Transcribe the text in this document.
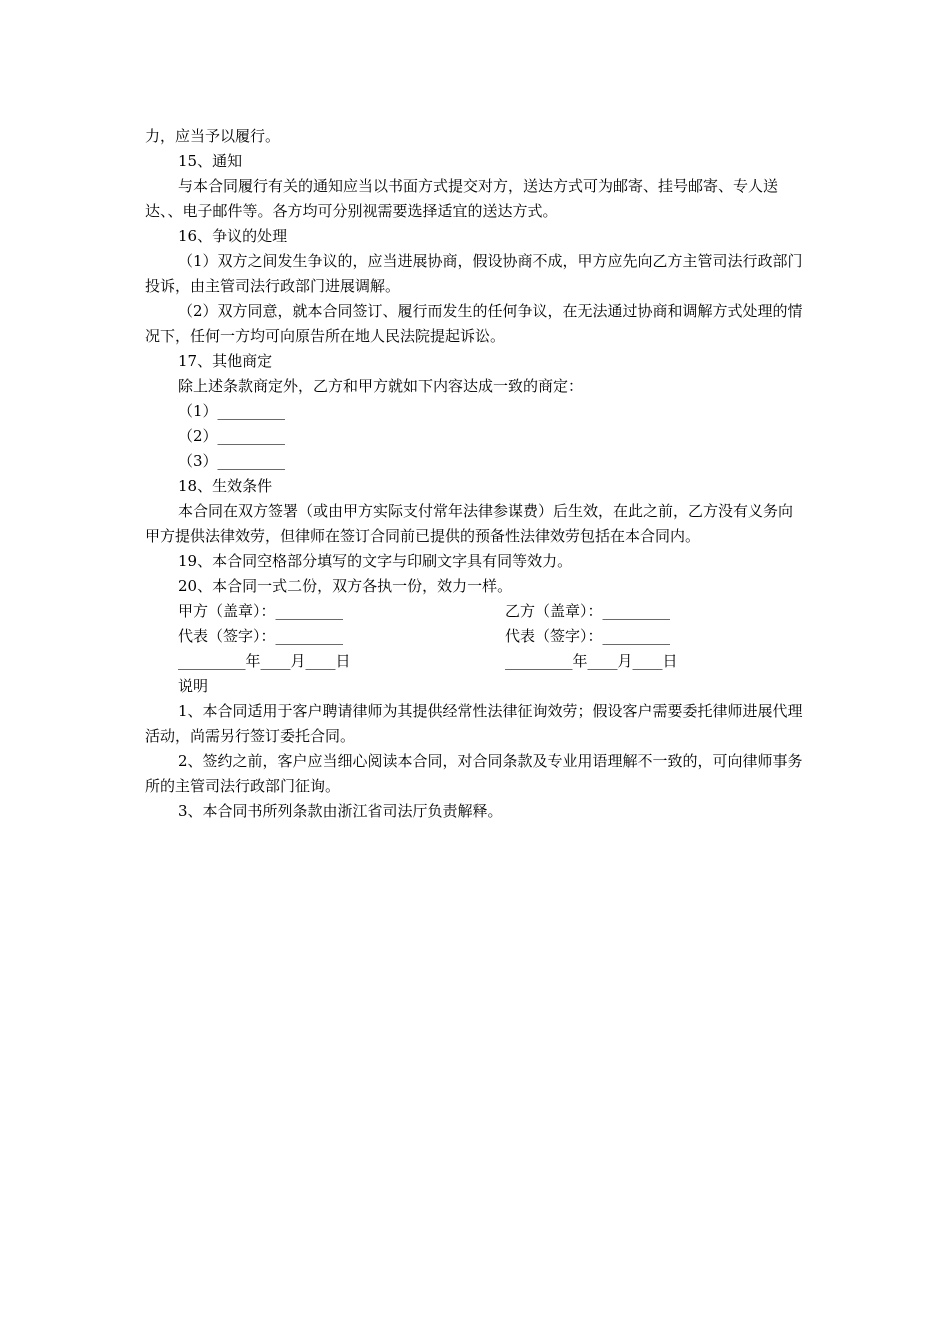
力，应当予以履行。

15、通知

与本合同履行有关的通知应当以书面方式提交对方，送达方式可为邮寄、挂号邮寄、专人送达、、电子邮件等。各方均可分别视需要选择适宜的送达方式。

16、争议的处理

（1）双方之间发生争议的，应当进展协商，假设协商不成，甲方应先向乙方主管司法行政部门投诉，由主管司法行政部门进展调解。

（2）双方同意，就本合同签订、履行而发生的任何争议，在无法通过协商和调解方式处理的情况下，任何一方均可向原告所在地人民法院提起诉讼。

17、其他商定

除上述条款商定外，乙方和甲方就如下内容达成一致的商定：

（1）_________

（2）_________

（3）_________

18、生效条件

本合同在双方签署（或由甲方实际支付常年法律参谋费）后生效，在此之前，乙方没有义务向甲方提供法律效劳，但律师在签订合同前已提供的预备性法律效劳包括在本合同内。

19、本合同空格部分填写的文字与印刷文字具有同等效力。

20、本合同一式二份，双方各执一份，效力一样。

甲方（盖章）：_________	乙方（盖章）：_________
代表（签字）：_________	代表（签字）：_________
_________年____月____日	_________年____月____日

说明

1、本合同适用于客户聘请律师为其提供经常性法律征询效劳；假设客户需要委托律师进展代理活动，尚需另行签订委托合同。

2、签约之前，客户应当细心阅读本合同，对合同条款及专业用语理解不一致的，可向律师事务所的主管司法行政部门征询。

3、本合同书所列条款由浙江省司法厅负责解释。
